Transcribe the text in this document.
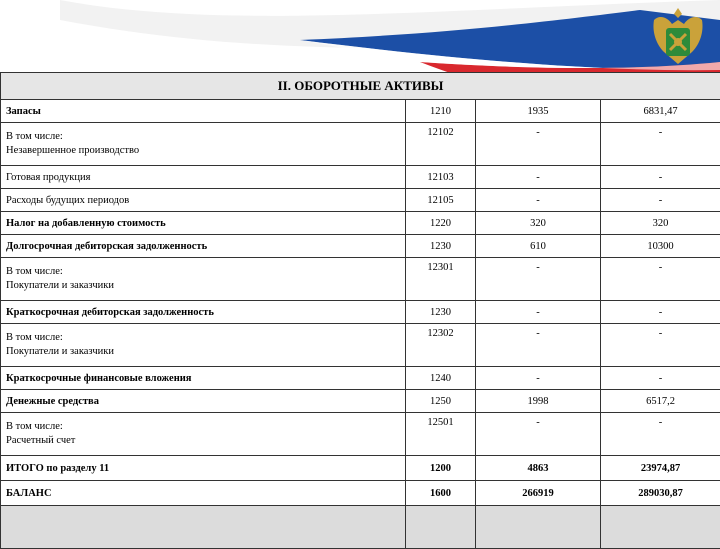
II. ОБОРОТНЫЕ АКТИВЫ			
Запасы	1210	1935	6831,47

В том числе:
Незавершенное производство	12102	-	-
Готовая продукция	12103	-	-
Расходы будущих периодов	12105	-	-
Налог на добавленную стоимость	1220	320	320
Долгосрочная дебиторская задолженность	1230	610	10300

В том числе:
Покупатели и заказчики	12301	-	-
Краткосрочная дебиторская задолженность	1230	-	-

В том числе:
Покупатели и заказчики	12302	-	-
Краткосрочные финансовые вложения	1240	-	-
Денежные средства	1250	1998	6517,2

В том числе:
Расчетный счет	12501	-	-
ИТОГО по разделу 11	1200	4863	23974,87
БАЛАНС	1600	266919	289030,87
